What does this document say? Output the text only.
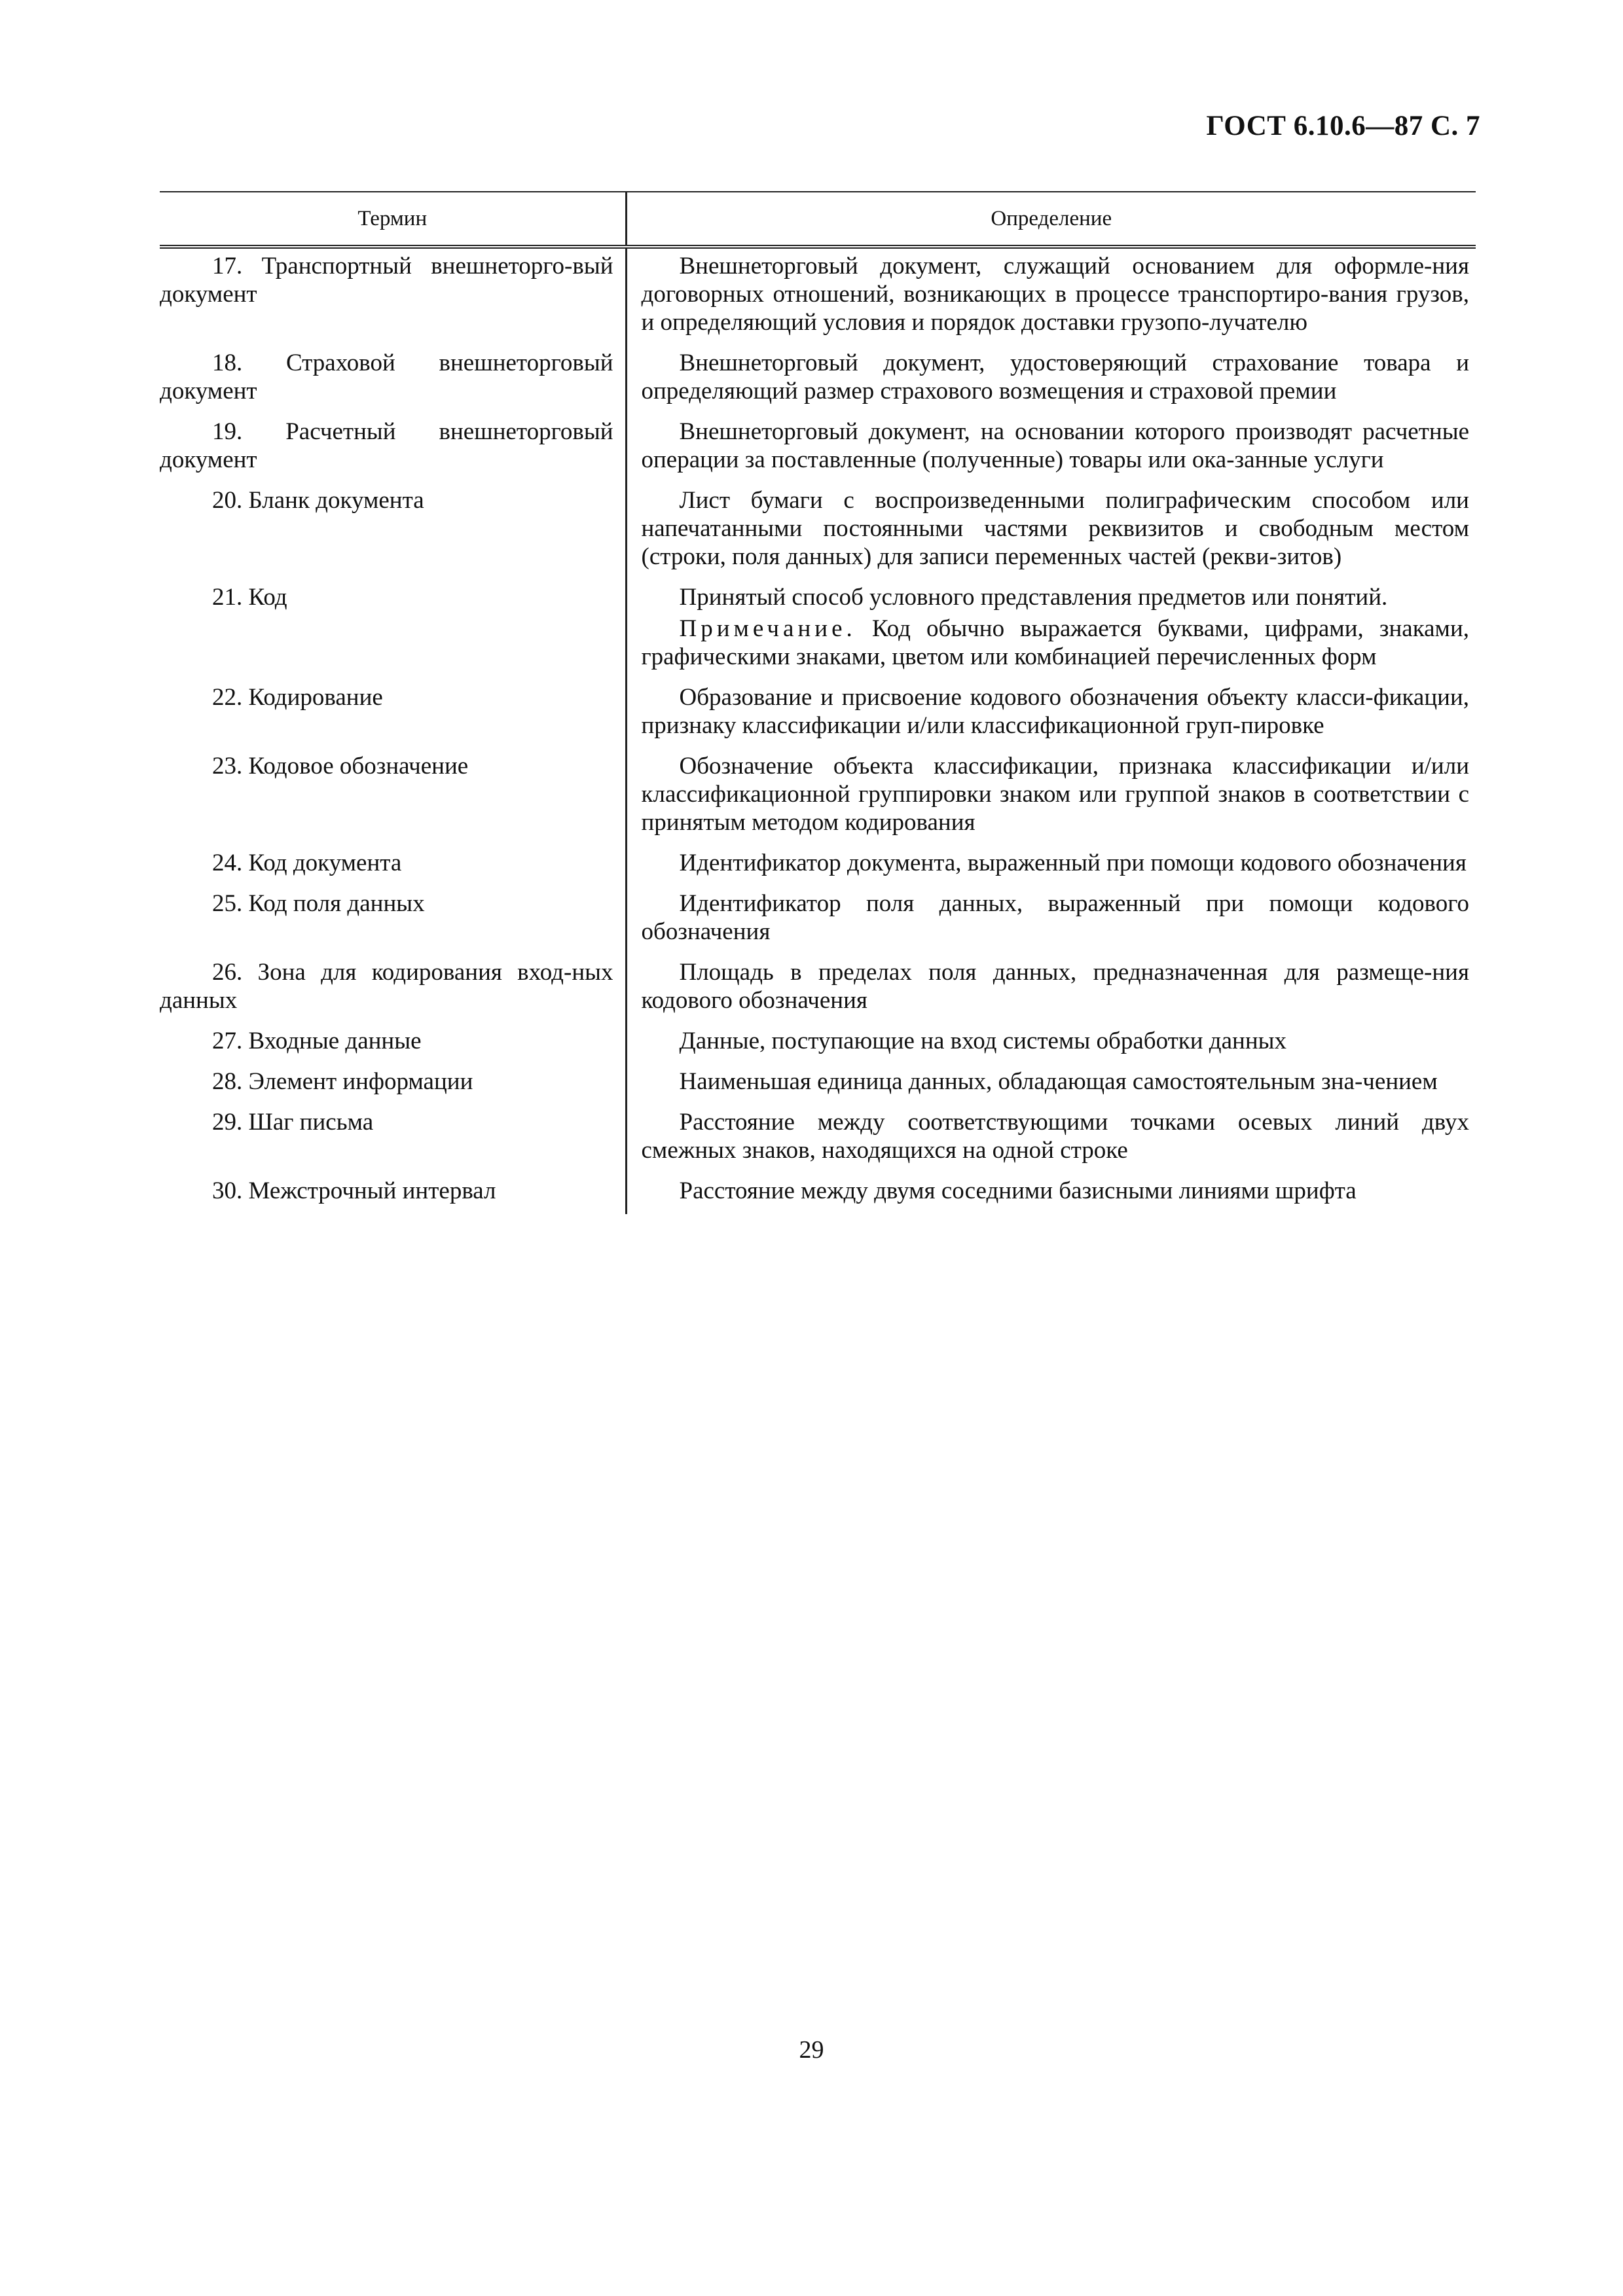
ГОСТ 6.10.6—87 С. 7
Термин	Определение
17. Транспортный внешнеторго-вый документ	Внешнеторговый документ, служащий основанием для оформле-ния договорных отношений, возникающих в процессе транспортиро-вания грузов, и определяющий условия и порядок доставки грузопо-лучателю

18. Страховой внешнеторговый документ	Внешнеторговый документ, удостоверяющий страхование товара и определяющий размер страхового возмещения и страховой премии

19. Расчетный внешнеторговый документ	Внешнеторговый документ, на основании которого производят расчетные операции за поставленные (полученные) товары или ока-занные услуги

20. Бланк документа	Лист бумаги с воспроизведенными полиграфическим способом или напечатанными постоянными частями реквизитов и свободным местом (строки, поля данных) для записи переменных частей (рекви-зитов)

21. Код	Принятый способ условного представления предметов или понятий.

Примечание. Код обычно выражается буквами, цифрами, знаками, графическими знаками, цветом или комбинацией перечисленных форм

22. Кодирование	Образование и присвоение кодового обозначения объекту класси-фикации, признаку классификации и/или классификационной груп-пировке

23. Кодовое обозначение	Обозначение объекта классификации, признака классификации и/или классификационной группировки знаком или группой знаков в соответствии с принятым методом кодирования

24. Код документа	Идентификатор документа, выраженный при помощи кодового обозначения

25. Код поля данных	Идентификатор поля данных, выраженный при помощи кодового обозначения

26. Зона для кодирования вход-ных данных	Площадь в пределах поля данных, предназначенная для размеще-ния кодового обозначения

27. Входные данные	Данные, поступающие на вход системы обработки данных

28. Элемент информации	Наименьшая единица данных, обладающая самостоятельным зна-чением

29. Шаг письма	Расстояние между соответствующими точками осевых линий двух смежных знаков, находящихся на одной строке

30. Межстрочный интервал	Расстояние между двумя соседними базисными линиями шрифта

29
